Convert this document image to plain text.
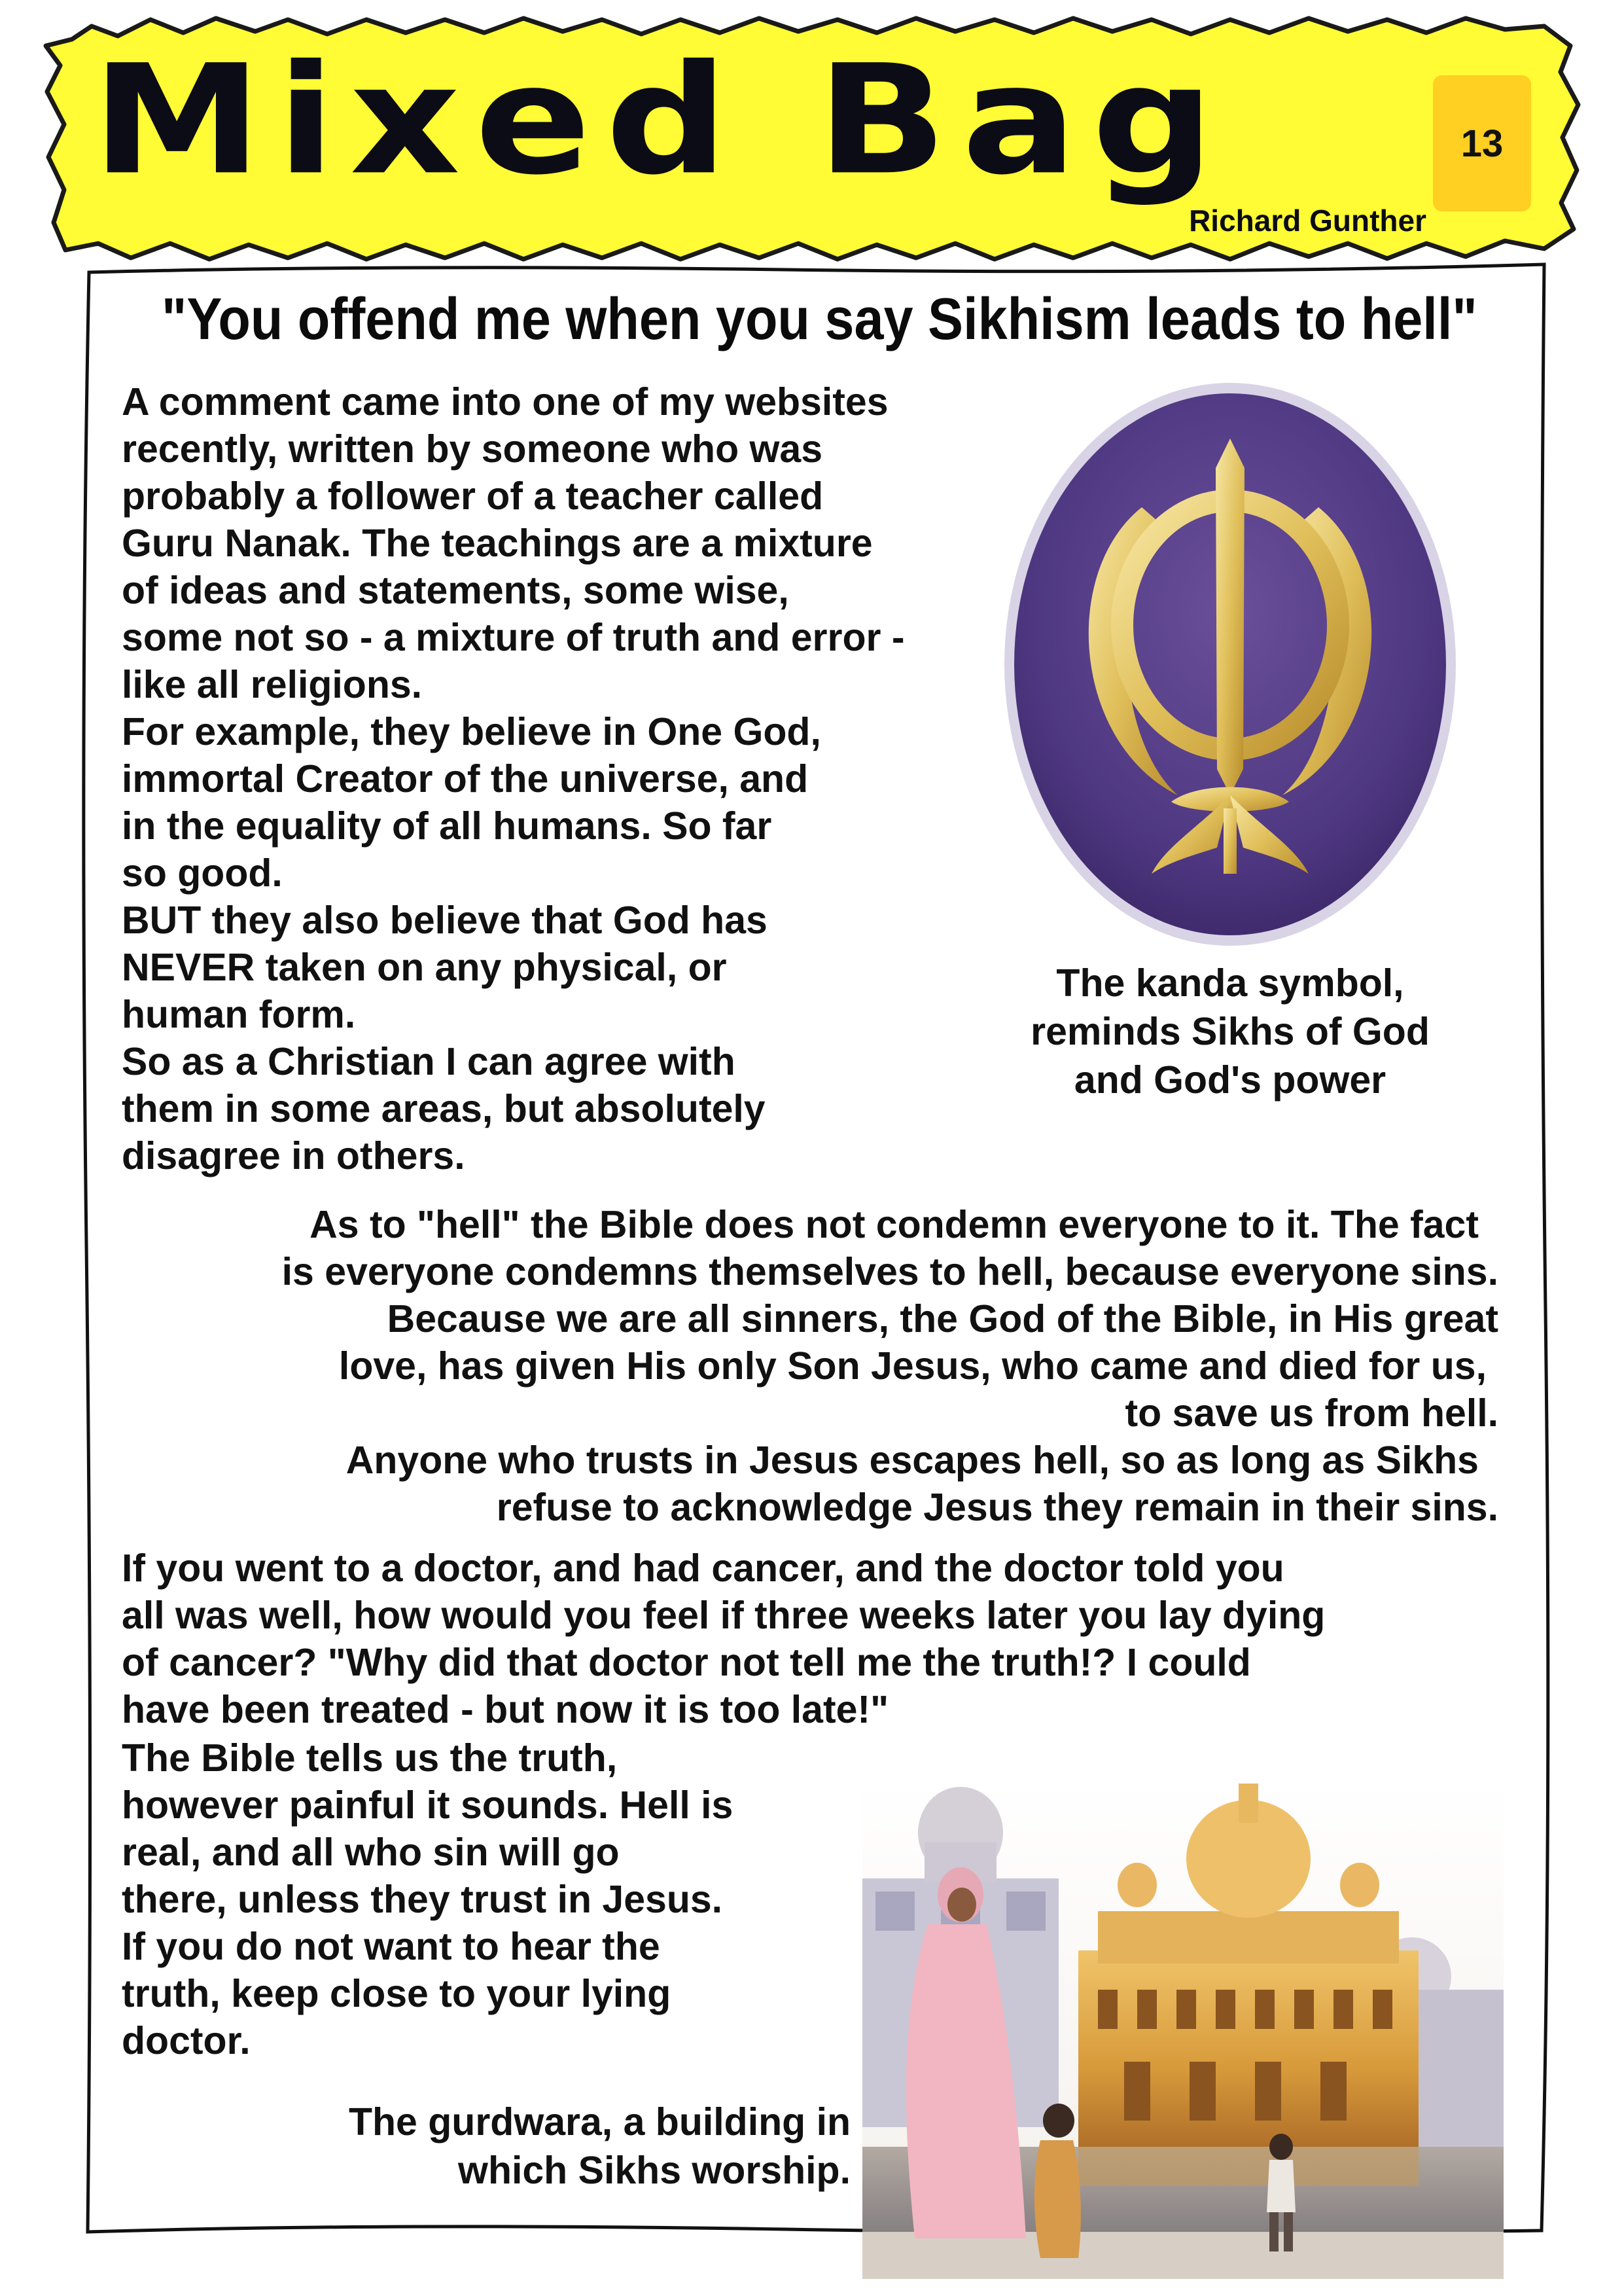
Mixed Bag	13
Richard Gunther
"You offend me when you say Sikhism leads to hell"

A comment came into one of my websites

recently, written by someone who was

probably a follower of a teacher called

Guru Nanak. The teachings are a mixture

of ideas and statements, some wise,

some not so - a mixture of truth and error -

like all religions.

For example, they believe in One God,

immortal Creator of the universe, and

in the equality of all humans. So far

so good.

BUT they also believe that God has

NEVER taken on any physical, or

human form.

So as a Christian I can agree with

them in some areas, but absolutely

disagree in others.

The kanda symbol,
reminds Sikhs of God
and God's power

As to "hell" the Bible does not condemn everyone to it. The fact

is everyone condemns themselves to hell, because everyone sins.

Because we are all sinners, the God of the Bible, in His great

love, has given His only Son Jesus, who came and died for us,

to save us from hell.

Anyone who trusts in Jesus escapes hell, so as long as Sikhs

refuse to acknowledge Jesus they remain in their sins.

If you went to a doctor, and had cancer, and the doctor told you

all was well, how would you feel if three weeks later you lay dying

of cancer? "Why did that doctor not tell me the truth!? I could

have been treated - but now it is too late!"

The Bible tells us the truth,

however painful it sounds. Hell is

real, and all who sin will go

there, unless they trust in Jesus.

If you do not want to hear the

truth, keep close to your lying

doctor.

The gurdwara, a building in
which Sikhs worship.
